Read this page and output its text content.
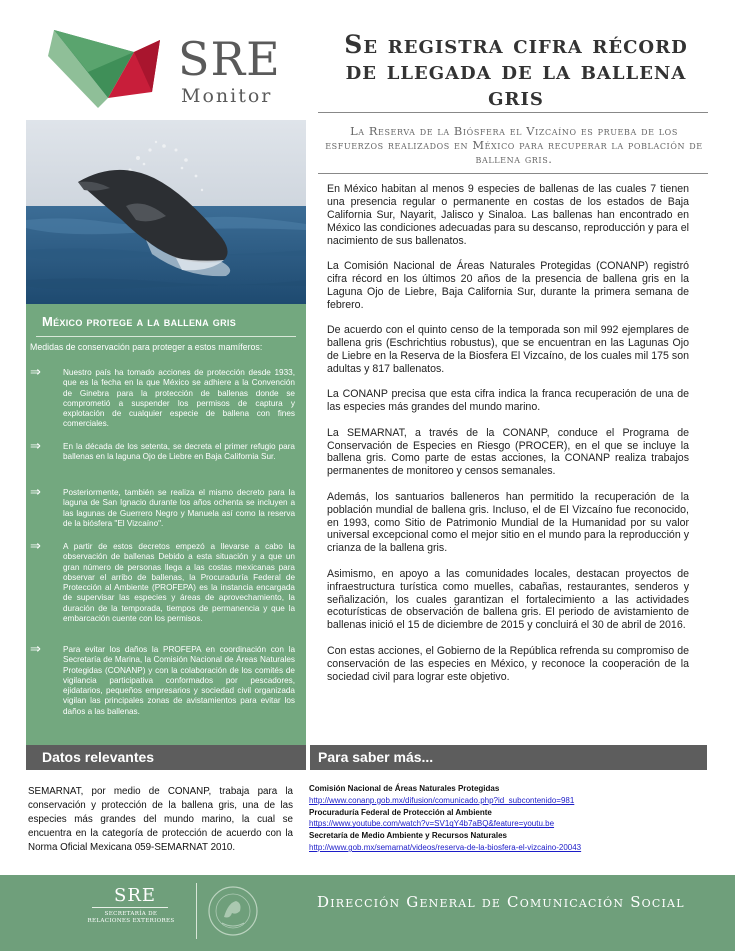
SRE
Monitor
Se registra cifra récord de llegada de la ballena gris
La Reserva de la Biósfera el Vizcaíno es prueba de los esfuerzos realizados en México para recuperar la población de ballena gris.
México protege a la ballena gris
Medidas de conservación para proteger a estos mamíferos:
⇒	Nuestro país ha tomado acciones de protección desde 1933, que es la fecha en la que México se adhiere a la Convención de Ginebra para la protección de ballenas donde se comprometió a suspender los permisos de captura y explotación de cualquier especie de ballena con fines comerciales.
⇒	En la década de los setenta, se decreta el primer refugio para ballenas en la laguna Ojo de Liebre en Baja California Sur.
⇒	Posteriormente, también se realiza el mismo decreto para la laguna de San Ignacio durante los años ochenta se incluyen a las lagunas de Guerrero Negro y Manuela así como la reserva de la biósfera "El Vizcaíno".
⇒	A partir de estos decretos empezó a llevarse a cabo la observación de ballenas Debido a esta situación y a que un gran número de personas llega a las costas mexicanas para observar el arribo de ballenas, la Procuraduría Federal de Protección al Ambiente (PROFEPA) es la instancia encargada de supervisar las especies y áreas de aprovechamiento, la duración de la temporada, tiempos de permanencia y que la embarcación cuente con los permisos.
⇒	Para evitar los daños la PROFEPA en coordinación con la Secretaría de Marina, la Comisión Nacional de Áreas Naturales Protegidas (CONANP) y con la colaboración de los comités de vigilancia participativa conformados por pescadores, ejidatarios, pequeños empresarios y sociedad civil organizada vigilan las principales zonas de avistamientos para evitar los daños a las ballenas.

En México habitan al menos 9 especies de ballenas de las cuales 7 tienen una presencia regular o permanente en costas de los estados de Baja California Sur, Nayarit, Jalisco y Sinaloa. Las ballenas han encontrado en México las condiciones adecuadas para su descanso, reproducción y para el nacimiento de sus ballenatos.

La Comisión Nacional de Áreas Naturales Protegidas (CONANP) registró cifra récord en los últimos 20 años de la presencia de ballena gris en la Laguna Ojo de Liebre, Baja California Sur, durante la primera semana de febrero.

De acuerdo con el quinto censo de la temporada son mil 992 ejemplares de ballena gris (Eschrichtius robustus), que se encuentran en las Lagunas Ojo de Liebre en la Reserva de la Biosfera El Vizcaíno, de los cuales mil 175 son adultas y 817 ballenatos.

La CONANP precisa que esta cifra indica la franca recuperación de una de las especies más grandes del mundo marino.

La SEMARNAT, a través de la CONANP, conduce el Programa de Conservación de Especies en Riesgo (PROCER), en el que se incluye la ballena gris. Como parte de estas acciones, la CONANP realiza trabajos permanentes de monitoreo y censos semanales.

Además, los santuarios balleneros han permitido la recuperación de la población mundial de ballena gris. Incluso, el de El Vizcaíno fue reconocido, en 1993, como Sitio de Patrimonio Mundial de la Humanidad por su valor universal excepcional como el mejor sitio en el mundo para la reproducción y crianza de la ballena gris.

Asimismo, en apoyo a las comunidades locales, destacan proyectos de infraestructura turística como muelles, cabañas, restaurantes, senderos y señalización, los cuales garantizan el fortalecimiento a las actividades ecoturísticas de observación de ballena gris. El periodo de avistamiento de ballenas inició el 15 de diciembre de 2015 y concluirá el 30 de abril de 2016.

Con estas acciones, el Gobierno de la República refrenda su compromiso de conservación de las especies en México, y reconoce la cooperación de la sociedad civil para lograr este objetivo.

Datos relevantes	Para saber más...
SEMARNAT, por medio de CONANP, trabaja para la conservación y protección de la ballena gris, una de las especies más grandes del mundo marino, la cual se encuentra en la categoría de protección de acuerdo con la Norma Oficial Mexicana 059-SEMARNAT 2010.
Comisión Nacional de Áreas Naturales Protegidas
http://www.conanp.gob.mx/difusion/comunicado.php?id_subcontenido=981
Procuraduría Federal de Protección al Ambiente
https://www.youtube.com/watch?v=SV1qY4b7aBQ&feature=youtu.be
Secretaría de Medio Ambiente y Recursos Naturales
http://www.gob.mx/semarnat/videos/reserva-de-la-biosfera-el-vizcaino-20043
SRE
SECRETARÍA DE
RELACIONES EXTERIORES
Dirección General de Comunicación Social
